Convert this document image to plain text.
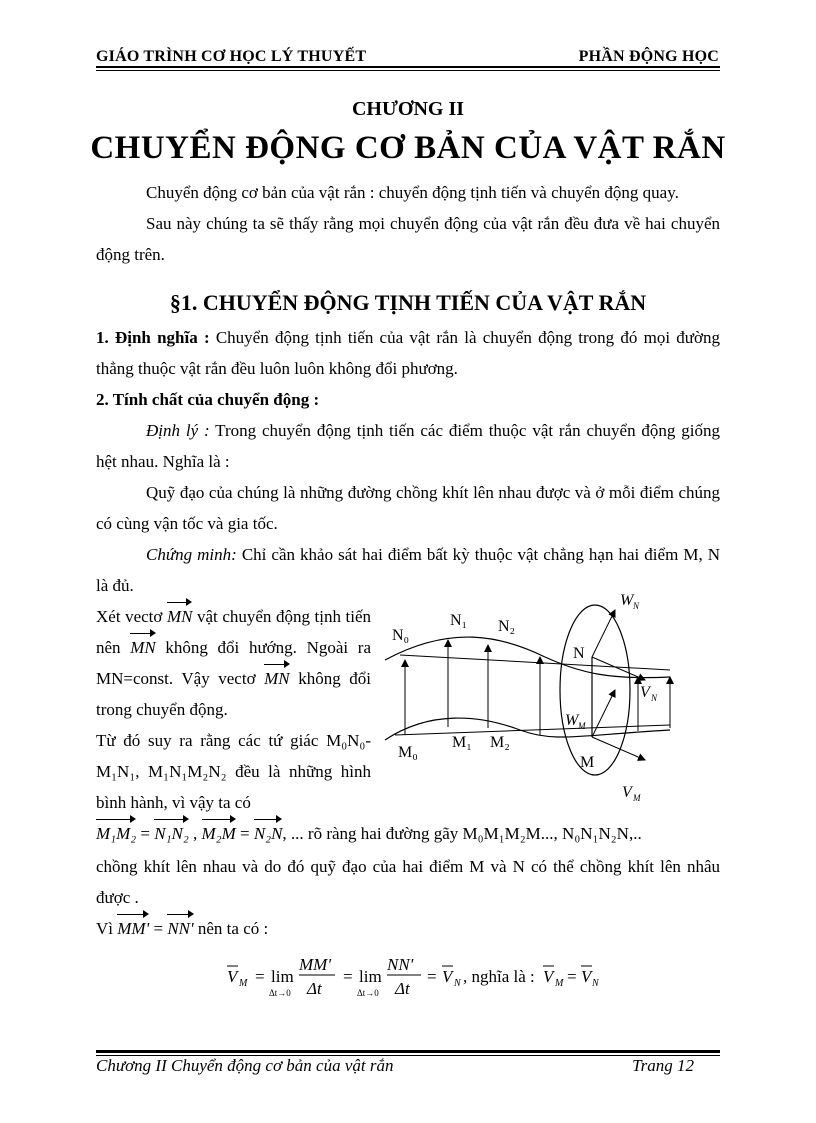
GIÁO TRÌNH CƠ HỌC LÝ THUYẾT	PHẦN ĐỘNG HỌC
CHƯƠNG II
CHUYỂN ĐỘNG CƠ BẢN CỦA VẬT RẮN
Chuyển động cơ bản của vật rắn : chuyển động tịnh tiến và chuyển động quay.
Sau này chúng ta sẽ thấy rằng mọi chuyển động của vật rắn đều đưa về hai chuyển động trên.
§1. CHUYỂN ĐỘNG TỊNH TIẾN CỦA VẬT RẮN
1. Định nghĩa : Chuyển động tịnh tiến của vật rắn là chuyển động trong đó mọi đường thẳng thuộc vật rắn đều luôn luôn không đổi phương.
2. Tính chất của chuyển động :
Định lý : Trong chuyển động tịnh tiến các điểm thuộc vật rắn chuyển động giống hệt nhau. Nghĩa là :
Quỹ đạo của chúng là những đường chồng khít lên nhau được và ở mỗi điểm chúng có cùng vận tốc và gia tốc.
Chứng minh: Chỉ cần khảo sát hai điểm bất kỳ thuộc vật chẳng hạn hai điểm M, N là đủ.
Xét vectơ MN vật chuyển động tịnh tiến nên MN không đổi hướng. Ngoài ra MN=const. Vậy vectơ MN không đổi trong chuyển động.
Từ đó suy ra rằng các tứ giác M₀N₀-M₁N₁, M₁N₁M₂N₂ đều là những hình bình hành, vì vậy ta có
N₀
N₁ N₂
N
M₀
M₁ M₂
M
W N
V N
W M
V M
M₁M₂ = N₁N₂ , M₂M = N₂N, ... rõ ràng hai đường gãy M₀M₁M₂M..., N₀N₁N₂N,..
chồng khít lên nhau và do đó quỹ đạo của hai điểm M và N có thể chồng khít lên nhâu được .
Vì MM' = NN' nên ta có :
V M = lim
Δt→0
MM'
Δt
= lim
Δt→0
NN'
Δt
= V N , nghĩa là : V M = V N
Chương II Chuyển động cơ bản của vật rắn	Trang 12
